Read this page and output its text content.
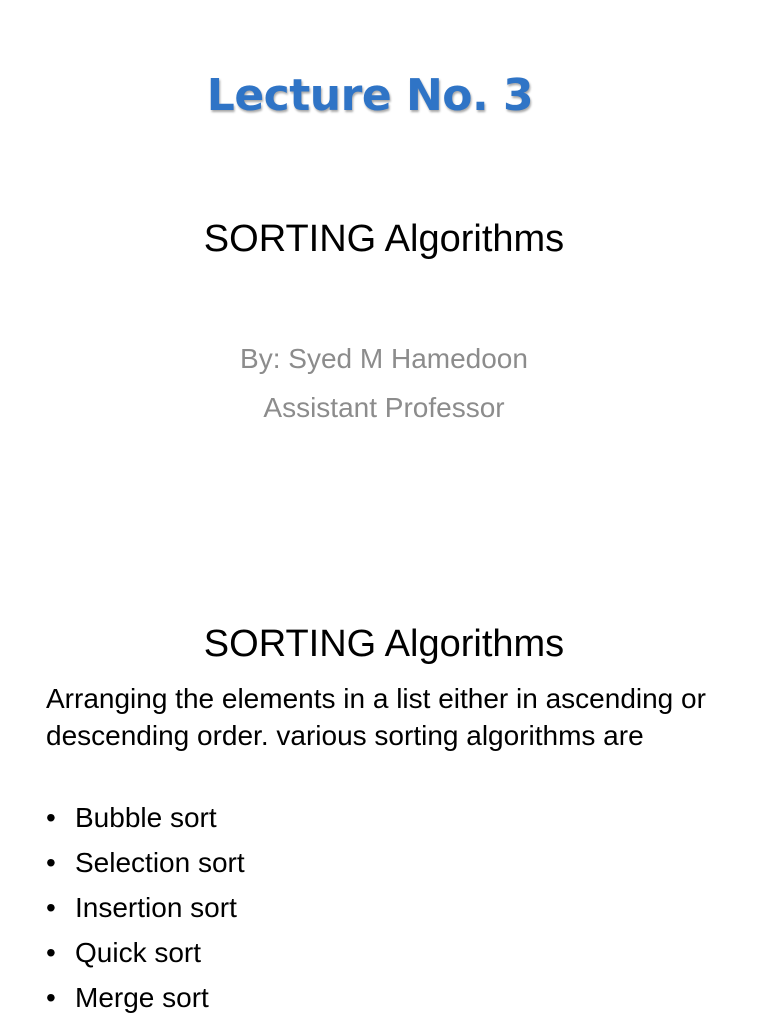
Lecture No. 3
SORTING Algorithms
By: Syed M Hamedoon
Assistant Professor
SORTING Algorithms
Arranging the elements in a list either in ascending or descending order. various sorting algorithms are
• Bubble sort
• Selection sort
• Insertion sort
• Quick sort
• Merge sort
